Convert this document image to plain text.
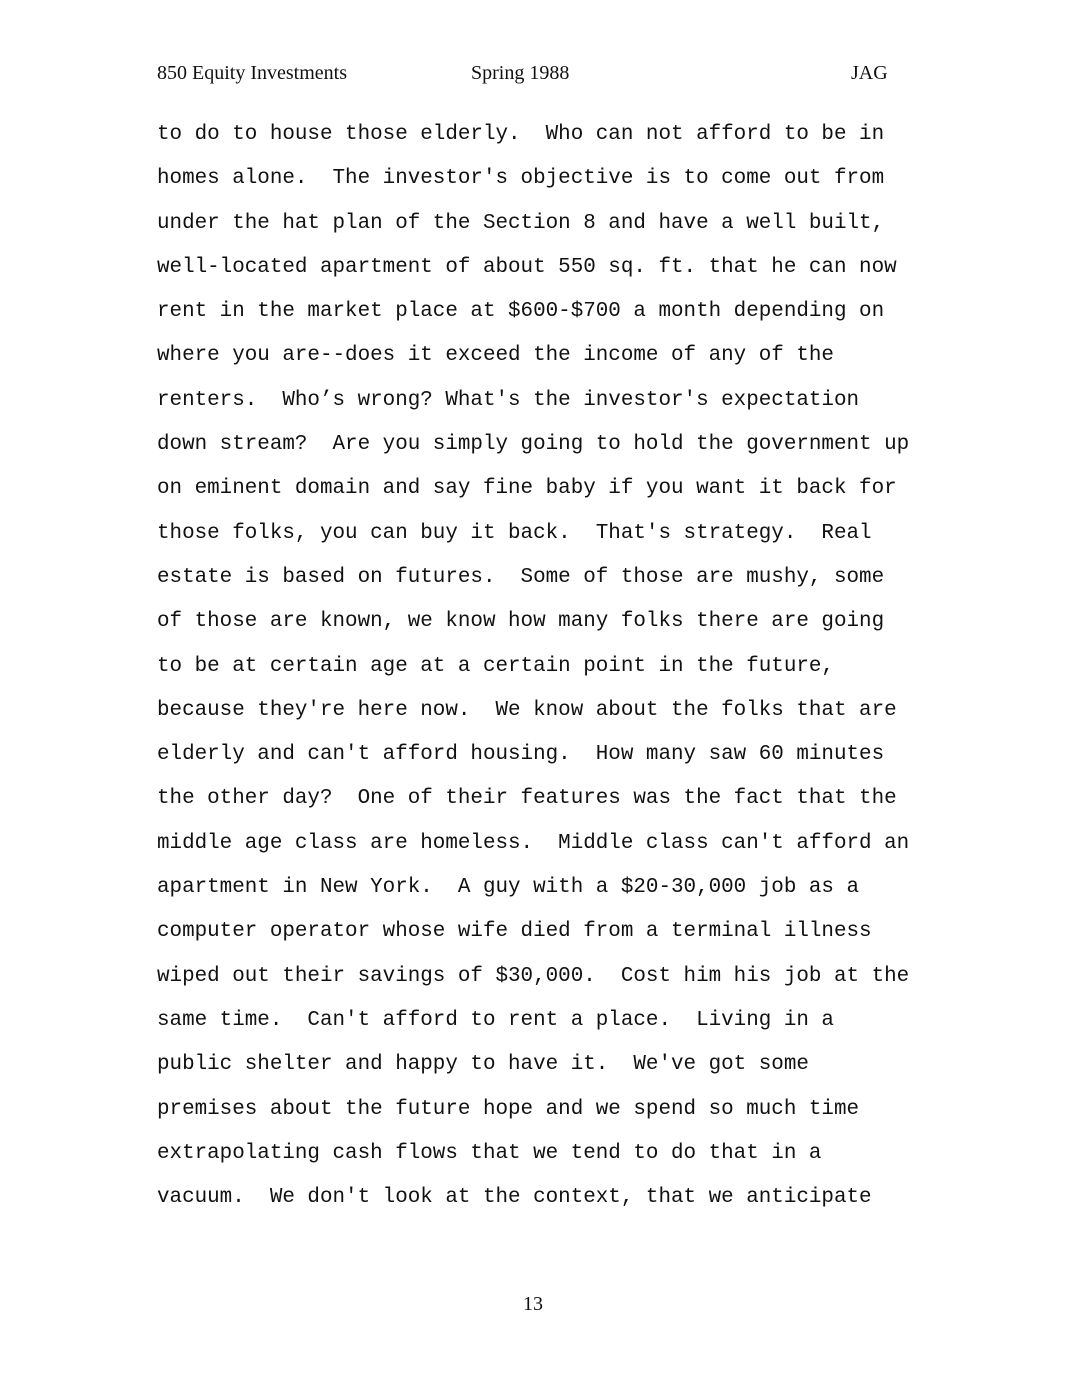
850 Equity Investments	Spring 1988	JAG
to do to house those elderly.  Who can not afford to be in
homes alone.  The investor's objective is to come out from
under the hat plan of the Section 8 and have a well built,
well-located apartment of about 550 sq. ft. that he can now
rent in the market place at $600-$700 a month depending on
where you are--does it exceed the income of any of the
renters.  Who’s wrong? What's the investor's expectation
down stream?  Are you simply going to hold the government up
on eminent domain and say fine baby if you want it back for
those folks, you can buy it back.  That's strategy.  Real
estate is based on futures.  Some of those are mushy, some
of those are known, we know how many folks there are going
to be at certain age at a certain point in the future,
because they're here now.  We know about the folks that are
elderly and can't afford housing.  How many saw 60 minutes
the other day?  One of their features was the fact that the
middle age class are homeless.  Middle class can't afford an
apartment in New York.  A guy with a $20-30,000 job as a
computer operator whose wife died from a terminal illness
wiped out their savings of $30,000.  Cost him his job at the
same time.  Can't afford to rent a place.  Living in a
public shelter and happy to have it.  We've got some
premises about the future hope and we spend so much time
extrapolating cash flows that we tend to do that in a
vacuum.  We don't look at the context, that we anticipate
13
